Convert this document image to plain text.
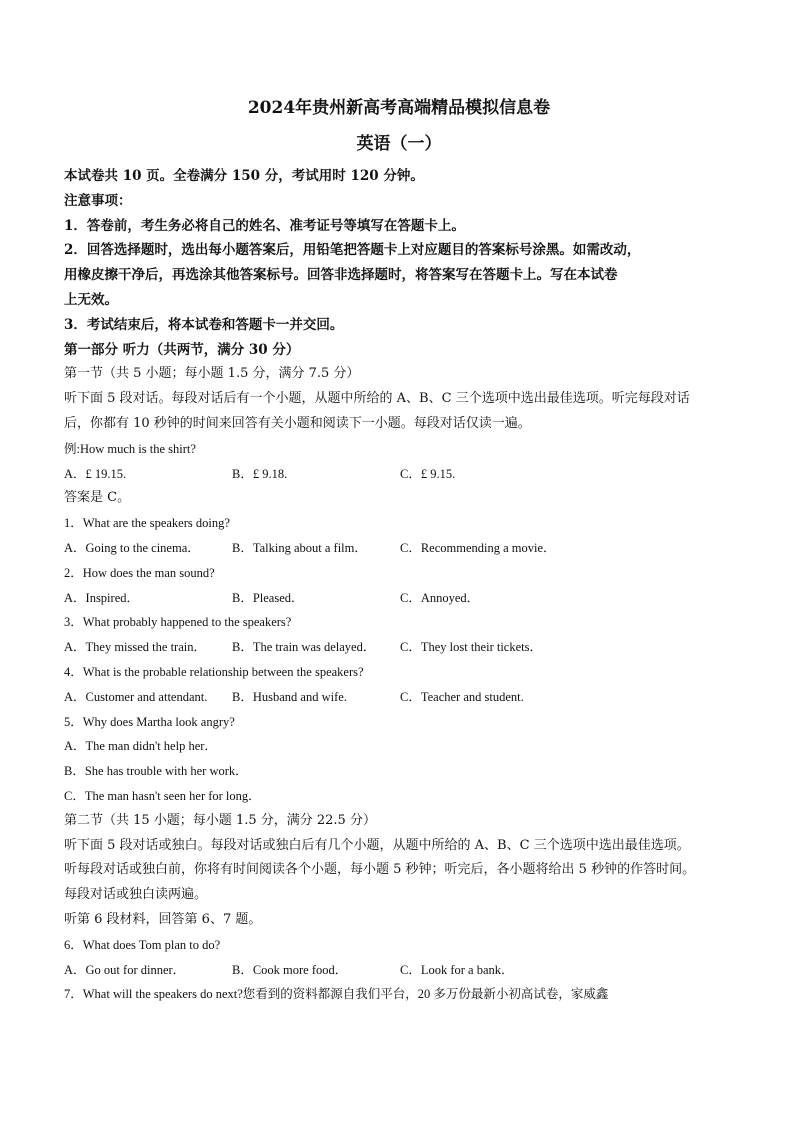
2024年贵州新高考高端精品模拟信息卷
英语（一）
本试卷共 10 页。全卷满分 150 分，考试用时 120 分钟。
注意事项：
1．答卷前，考生务必将自己的姓名、准考证号等填写在答题卡上。
2．回答选择题时，选出每小题答案后，用铅笔把答题卡上对应题目的答案标号涂黑。如需改动，
用橡皮擦干净后，再选涂其他答案标号。回答非选择题时，将答案写在答题卡上。写在本试卷
上无效。
3．考试结束后，将本试卷和答题卡一并交回。
第一部分 听力（共两节，满分 30 分）
第一节（共 5 小题；每小题 1.5 分，满分 7.5 分）
听下面 5 段对话。每段对话后有一个小题，从题中所给的 A、B、C 三个选项中选出最佳选项。听完每段对话
后，你都有 10 秒钟的时间来回答有关小题和阅读下一小题。每段对话仅读一遍。
例:How much is the shirt?
A．£ 19.15.	B．£ 9.18.	C．£ 9.15.
答案是 C。
1．What are the speakers doing?
A．Going to the cinema．	B．Talking about a film．	C．Recommending a movie．
2．How does the man sound?
A．Inspired．	B．Pleased．	C．Annoyed．
3．What probably happened to the speakers?
A．They missed the train．	B．The train was delayed．	C．They lost their tickets．
4．What is the probable relationship between the speakers?
A．Customer and attendant.	B．Husband and wife.	C．Teacher and student.
5．Why does Martha look angry?
A．The man didn't help her．
B．She has trouble with her work．
C．The man hasn't seen her for long．
第二节（共 15 小题；每小题 1.5 分，满分 22.5 分）
听下面 5 段对话或独白。每段对话或独白后有几个小题，从题中所给的 A、B、C 三个选项中选出最佳选项。
听每段对话或独白前，你将有时间阅读各个小题，每小题 5 秒钟；听完后，各小题将给出 5 秒钟的作答时间。
每段对话或独白读两遍。
听第 6 段材料，回答第 6、7 题。
6．What does Tom plan to do?
A．Go out for dinner．	B．Cook more food．	C．Look for a bank．
7．What will the speakers do next?您看到的资料都源自我们平台，20 多万份最新小初高试卷，家威鑫
